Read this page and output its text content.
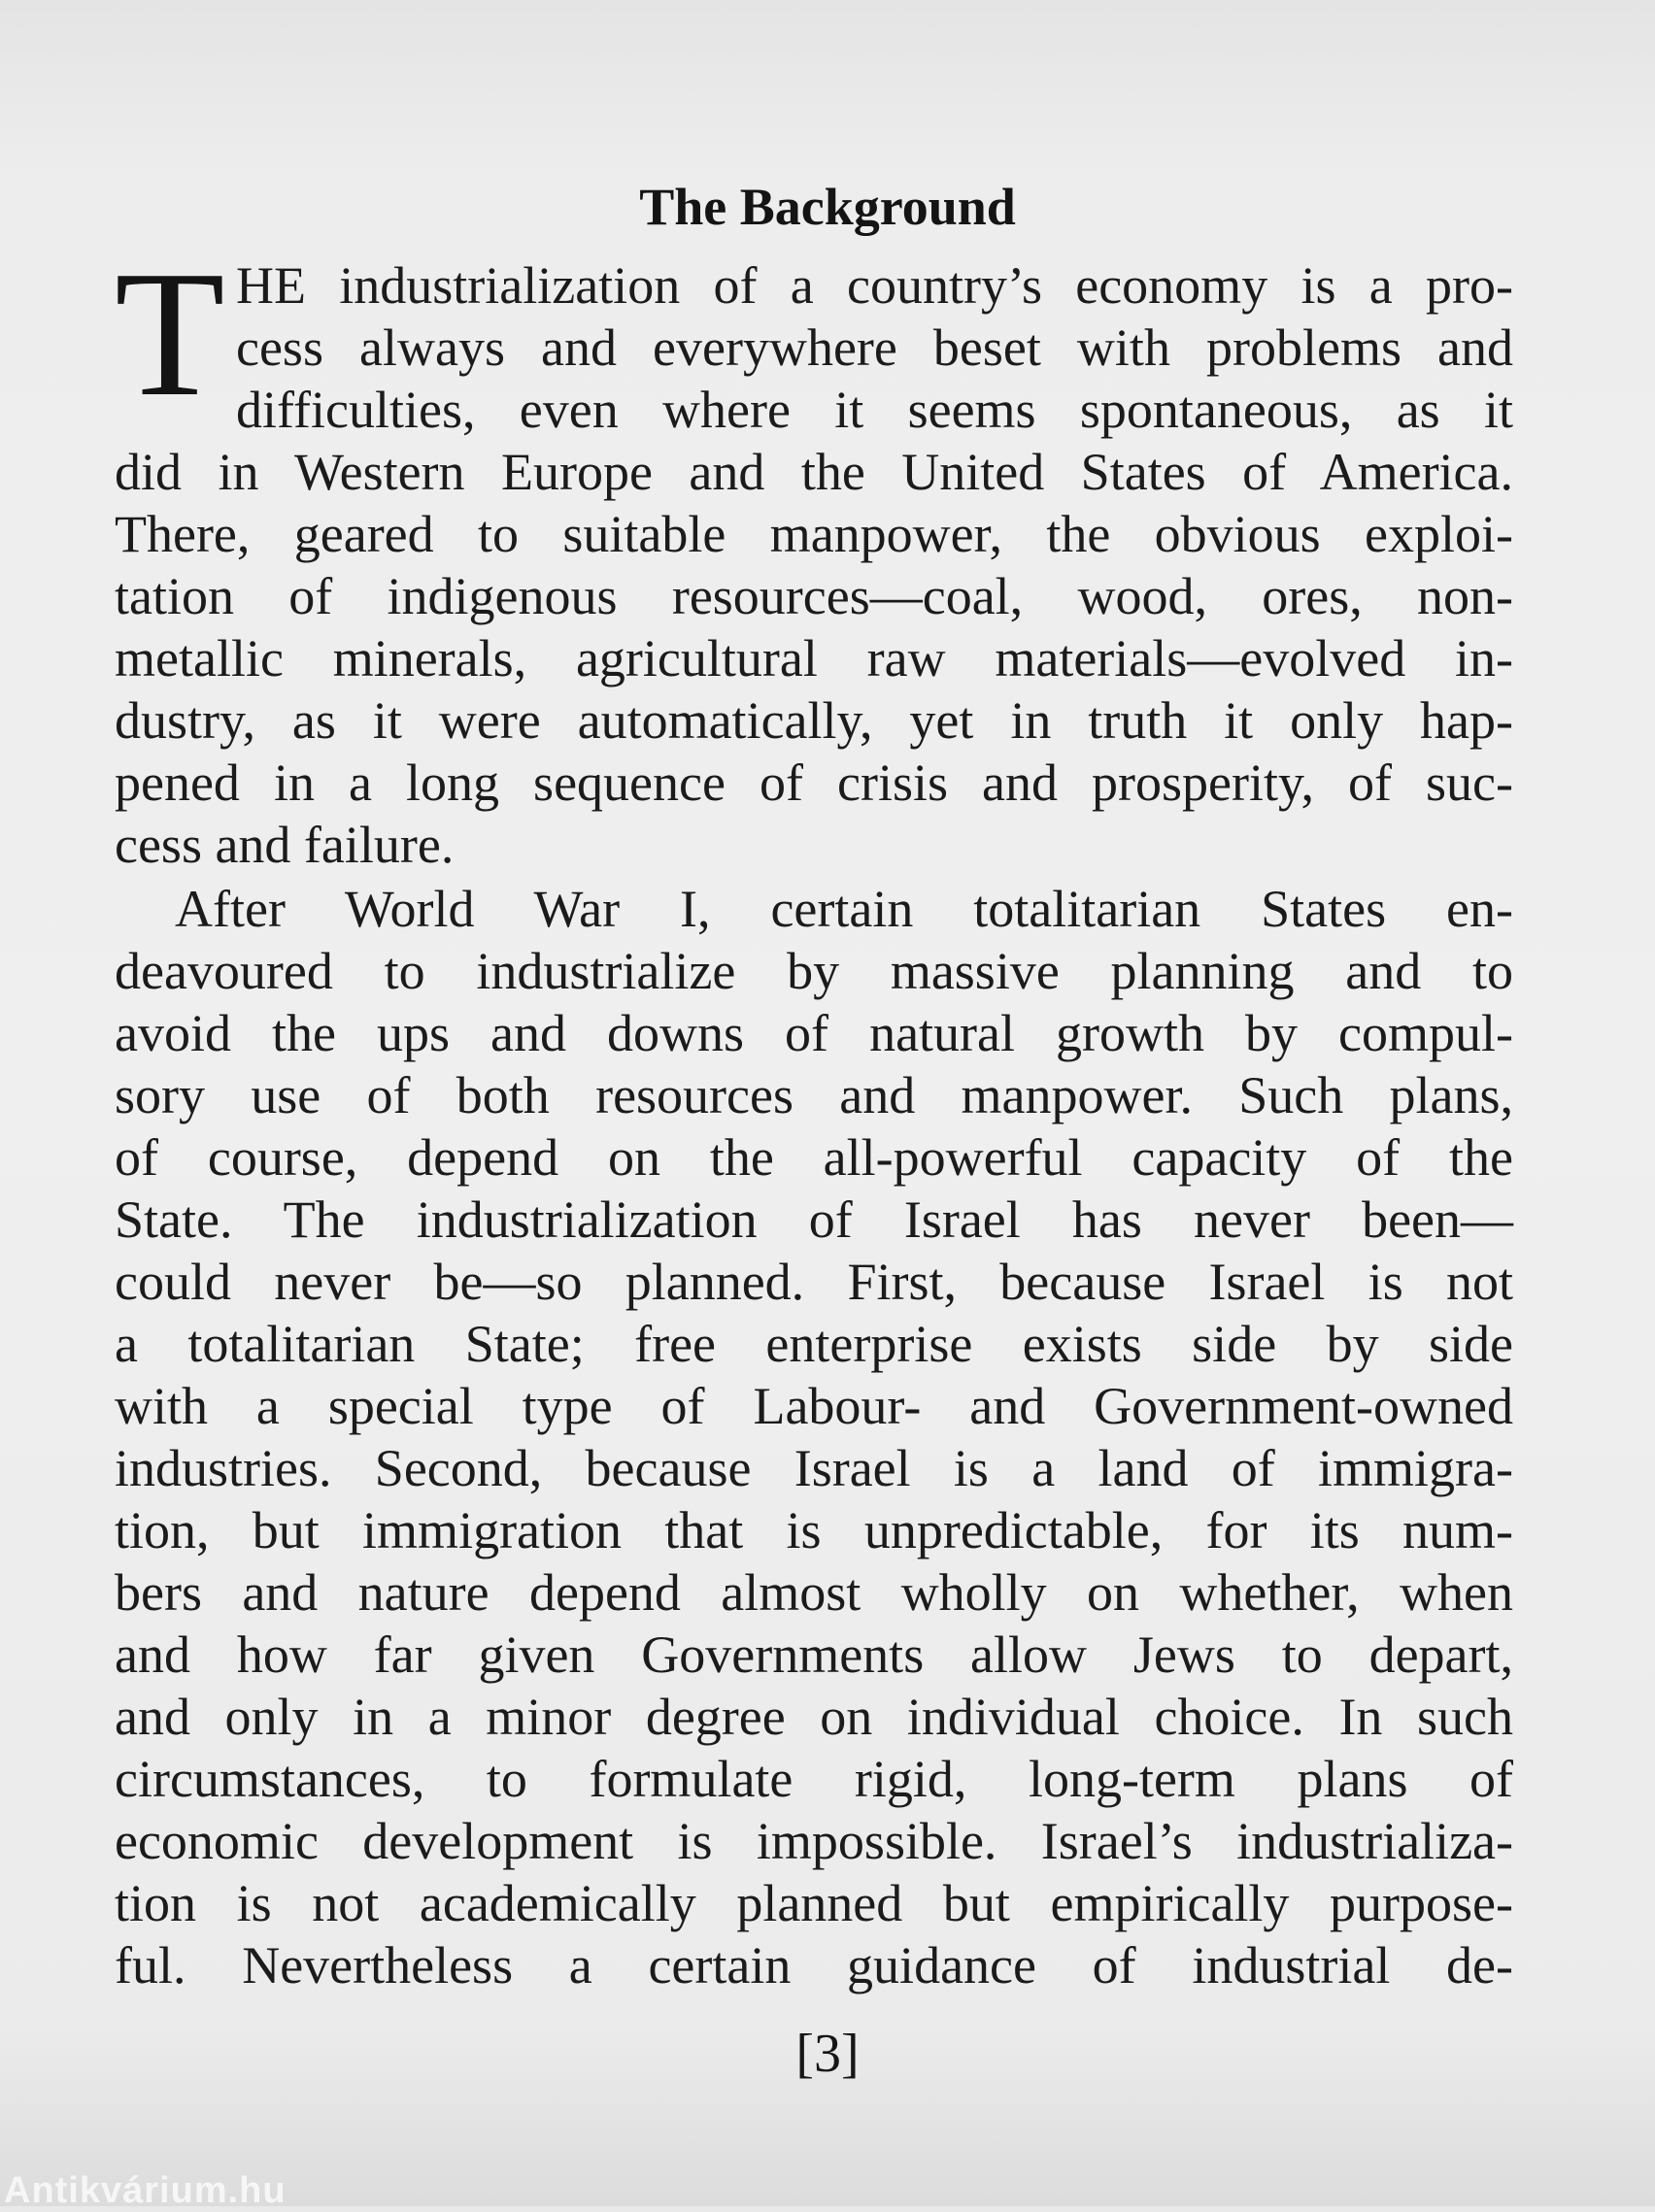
The Background
T HE industrialization of a country’s economy is a pro-
cess always and everywhere beset with problems and
difficulties, even where it seems spontaneous, as it
did in Western Europe and the United States of America.
There, geared to suitable manpower, the obvious exploi-
tation of indigenous resources—coal, wood, ores, non-
metallic minerals, agricultural raw materials—evolved in-
dustry, as it were automatically, yet in truth it only hap-
pened in a long sequence of crisis and prosperity, of suc-
cess and failure.
After World War I, certain totalitarian States en-
deavoured to industrialize by massive planning and to
avoid the ups and downs of natural growth by compul-
sory use of both resources and manpower. Such plans,
of course, depend on the all-powerful capacity of the
State. The industrialization of Israel has never been—
could never be—so planned. First, because Israel is not
a totalitarian State; free enterprise exists side by side
with a special type of Labour- and Government-owned
industries. Second, because Israel is a land of immigra-
tion, but immigration that is unpredictable, for its num-
bers and nature depend almost wholly on whether, when
and how far given Governments allow Jews to depart,
and only in a minor degree on individual choice. In such
circumstances, to formulate rigid, long-term plans of
economic development is impossible. Israel’s industrializa-
tion is not academically planned but empirically purpose-
ful. Nevertheless a certain guidance of industrial de-
[3]
Antikvárium.hu
